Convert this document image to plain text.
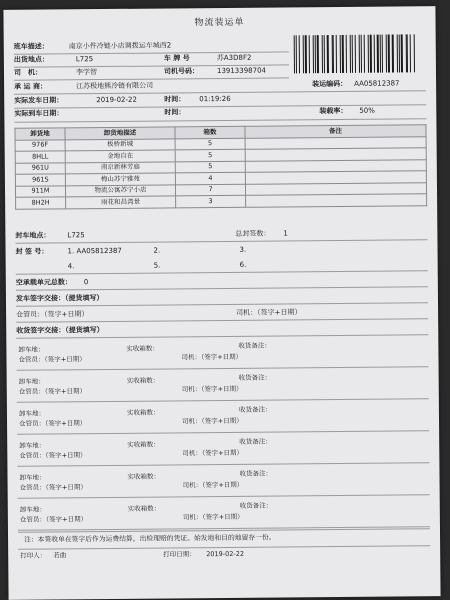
物流装运单
班车描述：	南京小件冷链小店调拨运车城西2
出货地点：	L725	车 牌 号	苏A3D8F2
司　机：	李学智	司机号码：	13913398704
承 运 商：	江苏极地熊冷链有限公司	装运编码： AA05812387
实际发车日期：	2019-02-22	时间： 01:19:26
实际到车日期：	时间：	装载率： 50%
卸货地	卸货地描述	箱数	备注
976F	板桥新城	5	
8HLL	金地自在	5	
961U	南京新林芳庭	5	
961S	梅山苏宁雅苑	4	
911M	物流公寓苏宁小店	7	
8H2H	雨花和昌湾景	3	
封车地点： L725	总封签数： 1
封 签 号：	1. AA05812387	2.	3.
4.	5.	6.
空承载单元总数： 0
发车签字交接：（提货填写）
仓管员：（签字+日期）	司机：（签字+日期）
收货签字交接：（提货填写）
卸车地：
仓管员：（签字+日期）
实收箱数：	收货备注：
司机：（签字+日期）
卸车地：
仓管员：（签字+日期）
实收箱数：	收货备注：
司机：（签字+日期）
卸车地：
仓管员：（签字+日期）
实收箱数：	收货备注：
司机：（签字+日期）
卸车地：
仓管员：（签字+日期）
实收箱数：	收货备注：
司机：（签字+日期）
卸车地：
仓管员：（签字+日期）
实收箱数：	收货备注：
司机：（签字+日期）
卸车地：
仓管员：（签字+日期）
实收箱数：	收货备注：
司机：（签字+日期）
注：本签收单在签字后作为运费结算，出检理赔的凭证。始发地和目的地留存一份。
打印人： 若曲	打印日期： 2019-02-22
